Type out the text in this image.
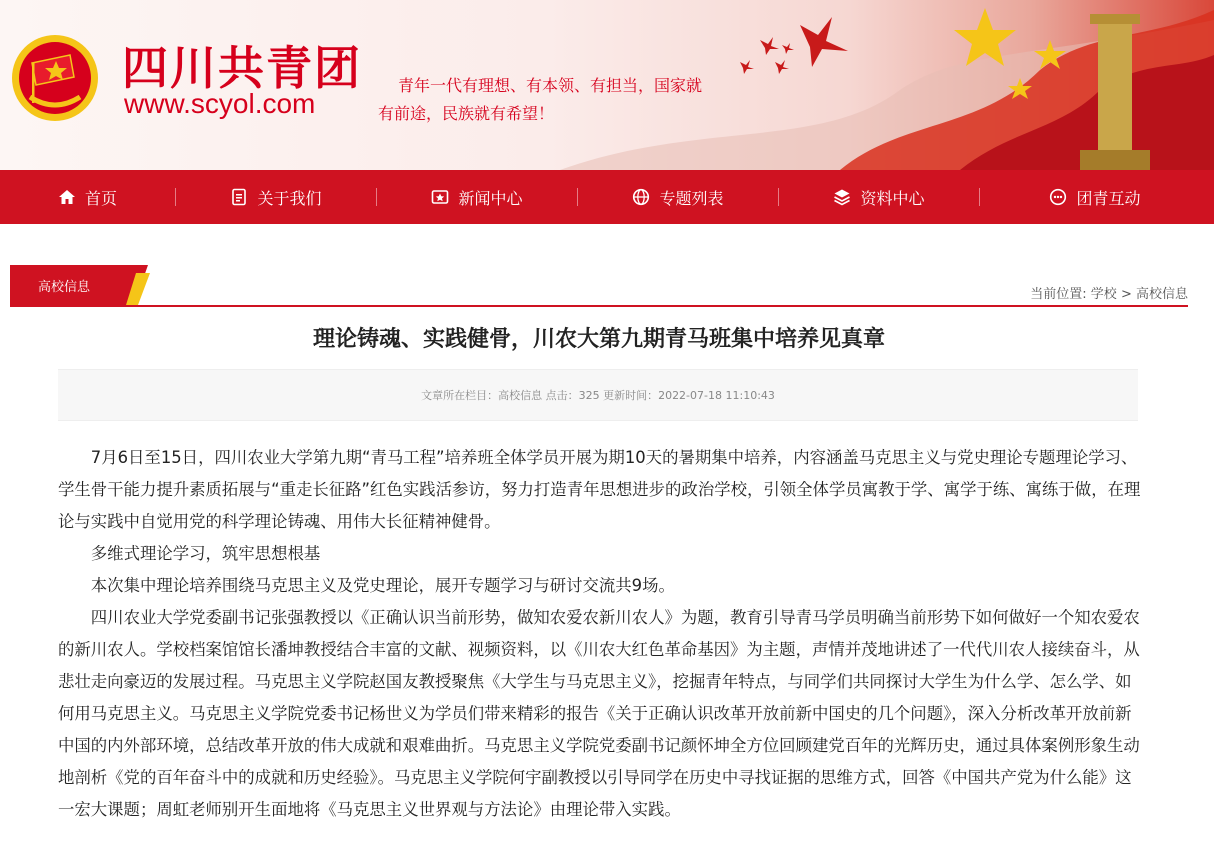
四川共青团
www.scyol.com
青年一代有理想、有本领、有担当，国家就
有前途，民族就有希望！
首页	关于我们	新闻中心	专题列表	资料中心	团青互动
高校信息	当前位置: 学校 > 高校信息
理论铸魂、实践健骨，川农大第九期青马班集中培养见真章
文章所在栏目：高校信息 点击：325 更新时间：2022-07-18 11:10:43

7月6日至15日，四川农业大学第九期“青马工程”培养班全体学员开展为期10天的暑期集中培养，内容涵盖马克思主义与党史理论专题理论学习、学生骨干能力提升素质拓展与“重走长征路”红色实践活参访，努力打造青年思想进步的政治学校，引领全体学员寓教于学、寓学于练、寓练于做，在理论与实践中自觉用党的科学理论铸魂、用伟大长征精神健骨。

多维式理论学习，筑牢思想根基

本次集中理论培养围绕马克思主义及党史理论，展开专题学习与研讨交流共9场。

四川农业大学党委副书记张强教授以《正确认识当前形势，做知农爱农新川农人》为题，教育引导青马学员明确当前形势下如何做好一个知农爱农的新川农人。学校档案馆馆长潘坤教授结合丰富的文献、视频资料，以《川农大红色革命基因》为主题，声情并茂地讲述了一代代川农人接续奋斗，从悲壮走向豪迈的发展过程。马克思主义学院赵国友教授聚焦《大学生与马克思主义》，挖掘青年特点，与同学们共同探讨大学生为什么学、怎么学、如何用马克思主义。马克思主义学院党委书记杨世义为学员们带来精彩的报告《关于正确认识改革开放前新中国史的几个问题》，深入分析改革开放前新中国的内外部环境，总结改革开放的伟大成就和艰难曲折。马克思主义学院党委副书记颜怀坤全方位回顾建党百年的光辉历史，通过具体案例形象生动地剖析《党的百年奋斗中的成就和历史经验》。马克思主义学院何宇副教授以引导同学在历史中寻找证据的思维方式，回答《中国共产党为什么能》这一宏大课题；周虹老师别开生面地将《马克思主义世界观与方法论》由理论带入实践。
